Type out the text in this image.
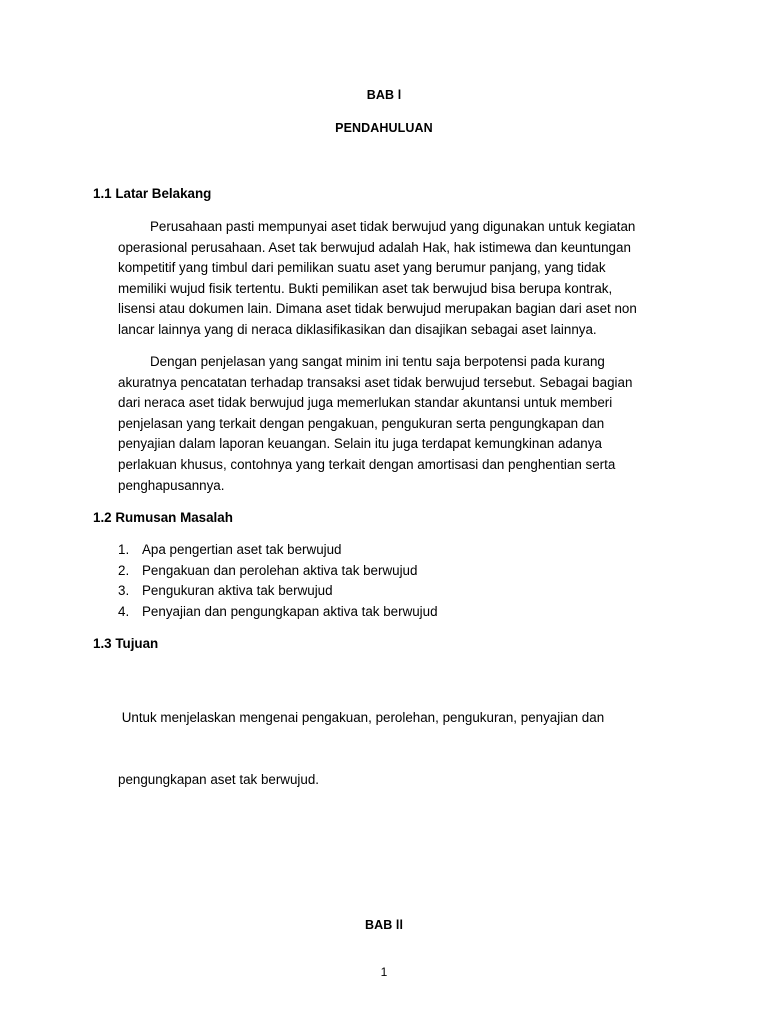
BAB l
PENDAHULUAN
1.1 Latar Belakang
Perusahaan pasti mempunyai aset tidak berwujud yang digunakan untuk kegiatan
operasional perusahaan. Aset tak berwujud adalah Hak, hak istimewa dan keuntungan
kompetitif yang timbul dari pemilikan suatu aset yang berumur panjang, yang tidak
memiliki wujud fisik tertentu. Bukti pemilikan aset tak berwujud bisa berupa kontrak,
lisensi atau dokumen lain. Dimana aset tidak berwujud merupakan bagian dari aset non
lancar lainnya yang di neraca diklasifikasikan dan disajikan sebagai aset lainnya.
Dengan penjelasan yang sangat minim ini tentu saja berpotensi pada kurang
akuratnya pencatatan terhadap transaksi aset tidak berwujud tersebut. Sebagai bagian
dari neraca aset tidak berwujud juga memerlukan standar akuntansi untuk memberi
penjelasan yang terkait dengan pengakuan, pengukuran serta pengungkapan dan
penyajian dalam laporan keuangan. Selain itu juga terdapat kemungkinan adanya
perlakuan khusus, contohnya yang terkait dengan amortisasi dan penghentian serta
penghapusannya.
1.2 Rumusan Masalah
1. Apa pengertian aset tak berwujud
2. Pengakuan dan perolehan aktiva tak berwujud
3. Pengukuran aktiva tak berwujud
4. Penyajian dan pengungkapan aktiva tak berwujud
1.3 Tujuan

Untuk menjelaskan mengenai pengakuan, perolehan, pengukuran, penyajian dan

pengungkapan aset tak berwujud.

BAB ll
1
